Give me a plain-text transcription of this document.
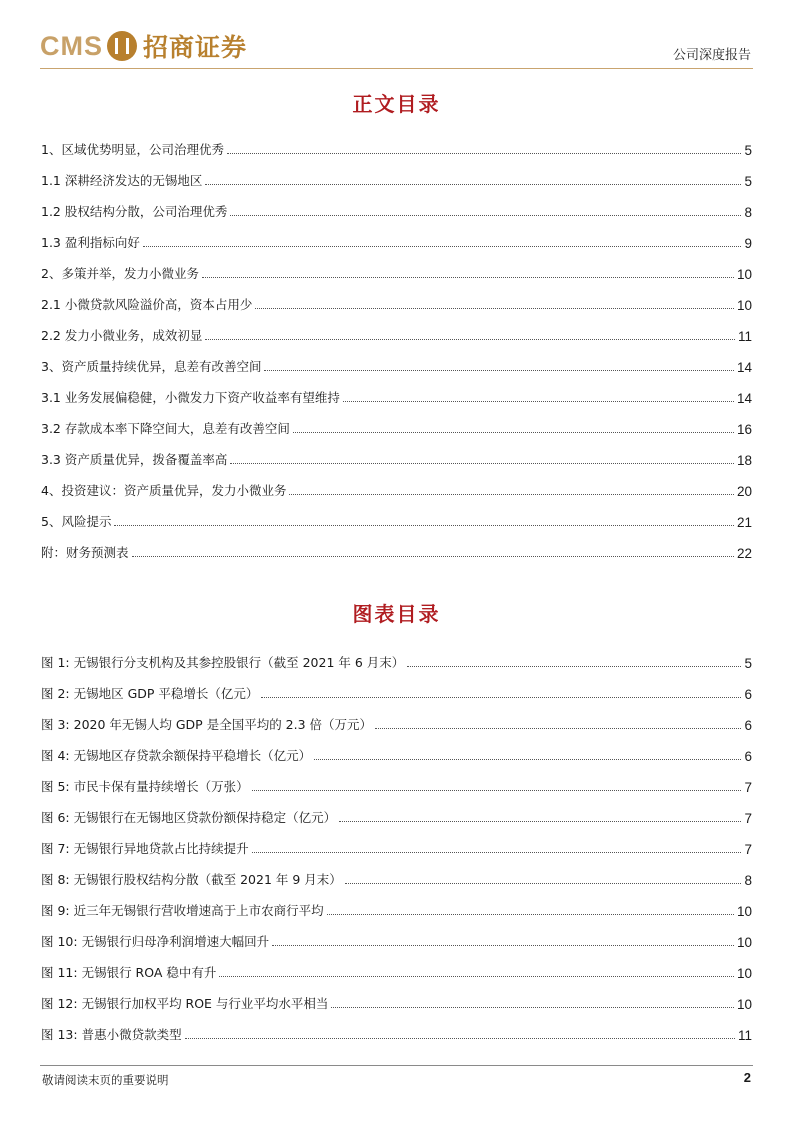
CMS 招商证券	公司深度报告
正文目录
1、区域优势明显，公司治理优秀	5
1.1 深耕经济发达的无锡地区	5
1.2 股权结构分散，公司治理优秀	8
1.3 盈利指标向好	9
2、多策并举，发力小微业务	10
2.1 小微贷款风险溢价高，资本占用少	10
2.2 发力小微业务，成效初显	11
3、资产质量持续优异，息差有改善空间	14
3.1 业务发展偏稳健，小微发力下资产收益率有望维持	14
3.2 存款成本率下降空间大，息差有改善空间	16
3.3 资产质量优异，拨备覆盖率高	18
4、投资建议：资产质量优异，发力小微业务	20
5、风险提示	21
附：财务预测表	22
图表目录
图 1: 无锡银行分支机构及其参控股银行（截至 2021 年 6 月末）	5
图 2: 无锡地区 GDP 平稳增长（亿元）	6
图 3: 2020 年无锡人均 GDP 是全国平均的 2.3 倍（万元）	6
图 4: 无锡地区存贷款余额保持平稳增长（亿元）	6
图 5: 市民卡保有量持续增长（万张）	7
图 6: 无锡银行在无锡地区贷款份额保持稳定（亿元）	7
图 7: 无锡银行异地贷款占比持续提升	7
图 8: 无锡银行股权结构分散（截至 2021 年 9 月末）	8
图 9: 近三年无锡银行营收增速高于上市农商行平均	10
图 10: 无锡银行归母净利润增速大幅回升	10
图 11: 无锡银行 ROA 稳中有升	10
图 12: 无锡银行加权平均 ROE 与行业平均水平相当	10
图 13: 普惠小微贷款类型	11
敬请阅读末页的重要说明	2
